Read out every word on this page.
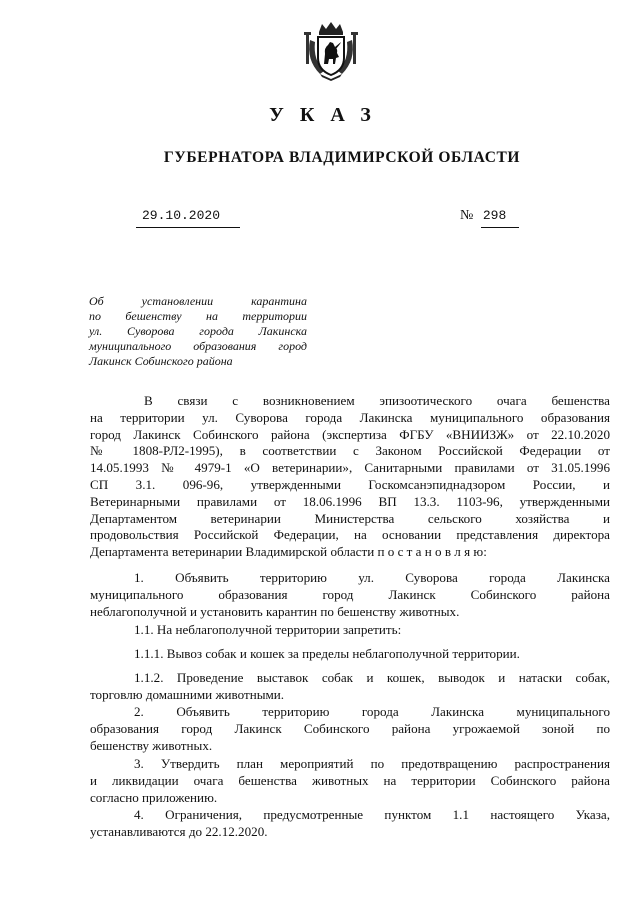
УКАЗ
ГУБЕРНАТОРА ВЛАДИМИРСКОЙ ОБЛАСТИ
29.10.2020	№ 298
Об установлении карантина
по бешенству на территории
ул. Суворова города Лакинска
муниципального образования город
Лакинск Собинского района
В связи с возникновением эпизоотического очага бешенства
на территории ул. Суворова города Лакинска муниципального образования
город Лакинск Собинского района (экспертиза ФГБУ «ВНИИЗЖ» от 22.10.2020
№ 1808-РЛ2-1995), в соответствии с Законом Российской Федерации от
14.05.1993 № 4979-1 «О ветеринарии», Санитарными правилами от 31.05.1996
СП 3.1. 096-96, утвержденными Госкомсанэпиднадзором России, и
Ветеринарными правилами от 18.06.1996 ВП 13.3. 1103-96, утвержденными
Департаментом ветеринарии Министерства сельского хозяйства и
продовольствия Российской Федерации, на основании представления директора
Департамента ветеринарии Владимирской области п о с т а н о в л я ю:
1. Объявить территорию ул. Суворова города Лакинска
муниципального образования город Лакинск Собинского района
неблагополучной и установить карантин по бешенству животных.
1.1. На неблагополучной территории запретить:
1.1.1. Вывоз собак и кошек за пределы неблагополучной территории.
1.1.2. Проведение выставок собак и кошек, выводок и натаски собак,
торговлю домашними животными.
2. Объявить территорию города Лакинска муниципального
образования город Лакинск Собинского района угрожаемой зоной по
бешенству животных.
3. Утвердить план мероприятий по предотвращению распространения
и ликвидации очага бешенства животных на территории Собинского района
согласно приложению.
4. Ограничения, предусмотренные пунктом 1.1 настоящего Указа,
устанавливаются до 22.12.2020.
